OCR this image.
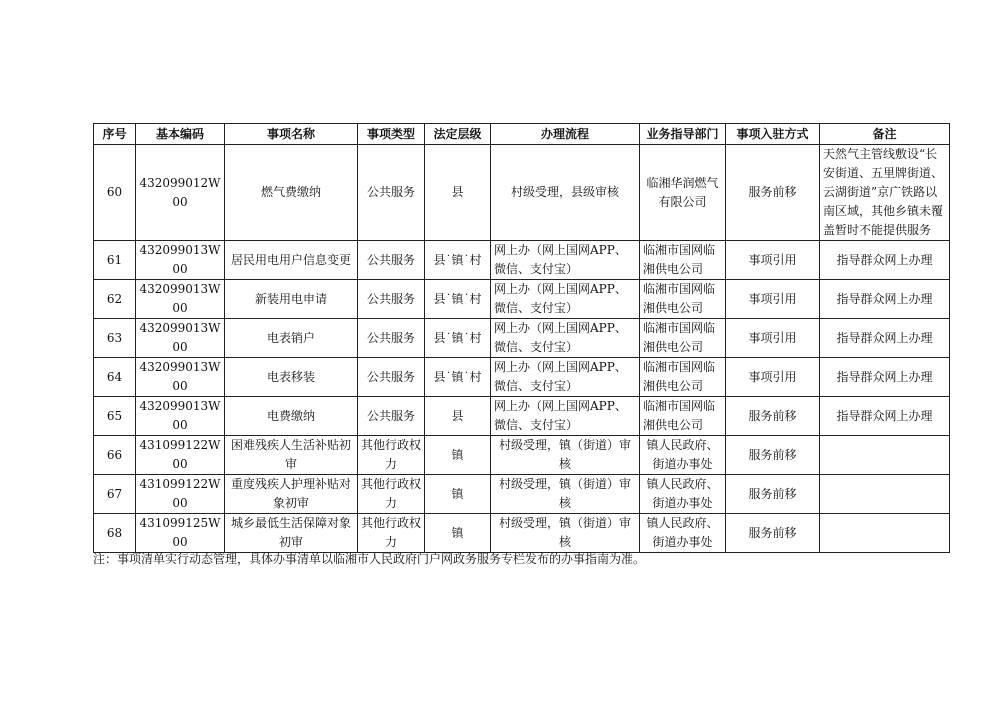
序号	基本编码	事项名称	事项类型	法定层级	办理流程	业务指导部门	事项入驻方式	备注
60	432099012W00	燃气费缴纳	公共服务	县	村级受理，县级审核	临湘华润燃气有限公司	服务前移	天然气主管线敷设“长安街道、五里牌街道、云湖街道”京广铁路以南区域，其他乡镇未覆盖暂时不能提供服务
61	432099013W00	居民用电用户信息变更	公共服务	县˙镇˙村	网上办（网上国网APP、微信、支付宝）	临湘市国网临湘供电公司	事项引用	指导群众网上办理
62	432099013W00	新装用电申请	公共服务	县˙镇˙村	网上办（网上国网APP、微信、支付宝）	临湘市国网临湘供电公司	事项引用	指导群众网上办理
63	432099013W00	电表销户	公共服务	县˙镇˙村	网上办（网上国网APP、微信、支付宝）	临湘市国网临湘供电公司	事项引用	指导群众网上办理
64	432099013W00	电表移装	公共服务	县˙镇˙村	网上办（网上国网APP、微信、支付宝）	临湘市国网临湘供电公司	事项引用	指导群众网上办理
65	432099013W00	电费缴纳	公共服务	县	网上办（网上国网APP、微信、支付宝）	临湘市国网临湘供电公司	服务前移	指导群众网上办理
66	431099122W00	困难残疾人生活补贴初审	其他行政权力	镇	村级受理，镇（街道）审核	镇人民政府、街道办事处	服务前移	
67	431099122W00	重度残疾人护理补贴对象初审	其他行政权力	镇	村级受理，镇（街道）审核	镇人民政府、街道办事处	服务前移	
68	431099125W00	城乡最低生活保障对象初审	其他行政权力	镇	村级受理，镇（街道）审核	镇人民政府、街道办事处	服务前移	
注：事项清单实行动态管理，具体办事清单以临湘市人民政府门户网政务服务专栏发布的办事指南为准。
